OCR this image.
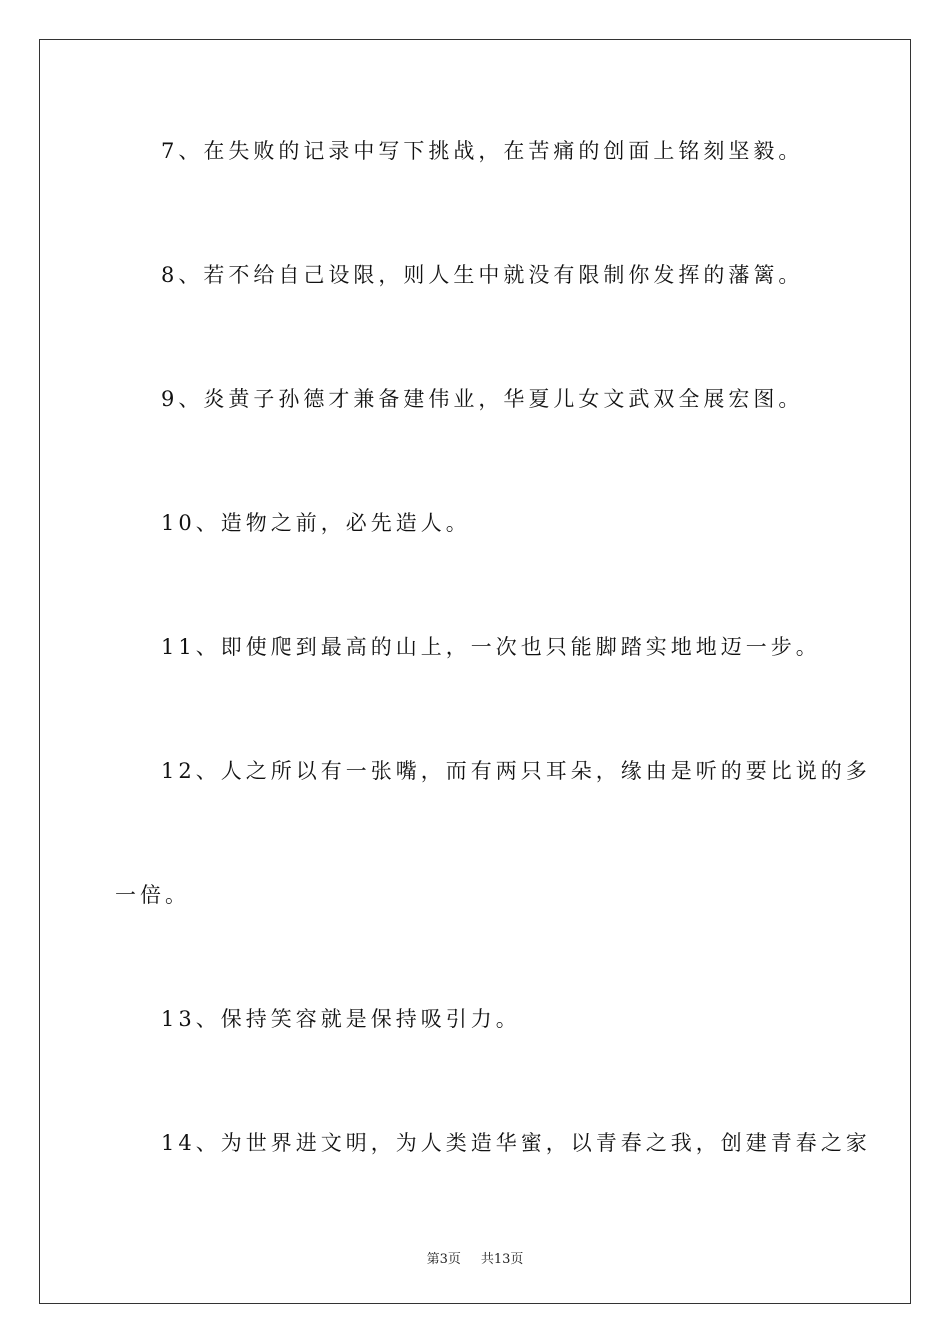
7、在失败的记录中写下挑战，在苦痛的创面上铭刻坚毅。

8、若不给自己设限，则人生中就没有限制你发挥的藩篱。

9、炎黄子孙德才兼备建伟业，华夏儿女文武双全展宏图。

10、造物之前，必先造人。

11、即使爬到最高的山上，一次也只能脚踏实地地迈一步。

12、人之所以有一张嘴，而有两只耳朵，缘由是听的要比说的多

一倍。

13、保持笑容就是保持吸引力。

14、为世界进文明，为人类造华蜜，以青春之我，创建青春之家

第3页 共13页
